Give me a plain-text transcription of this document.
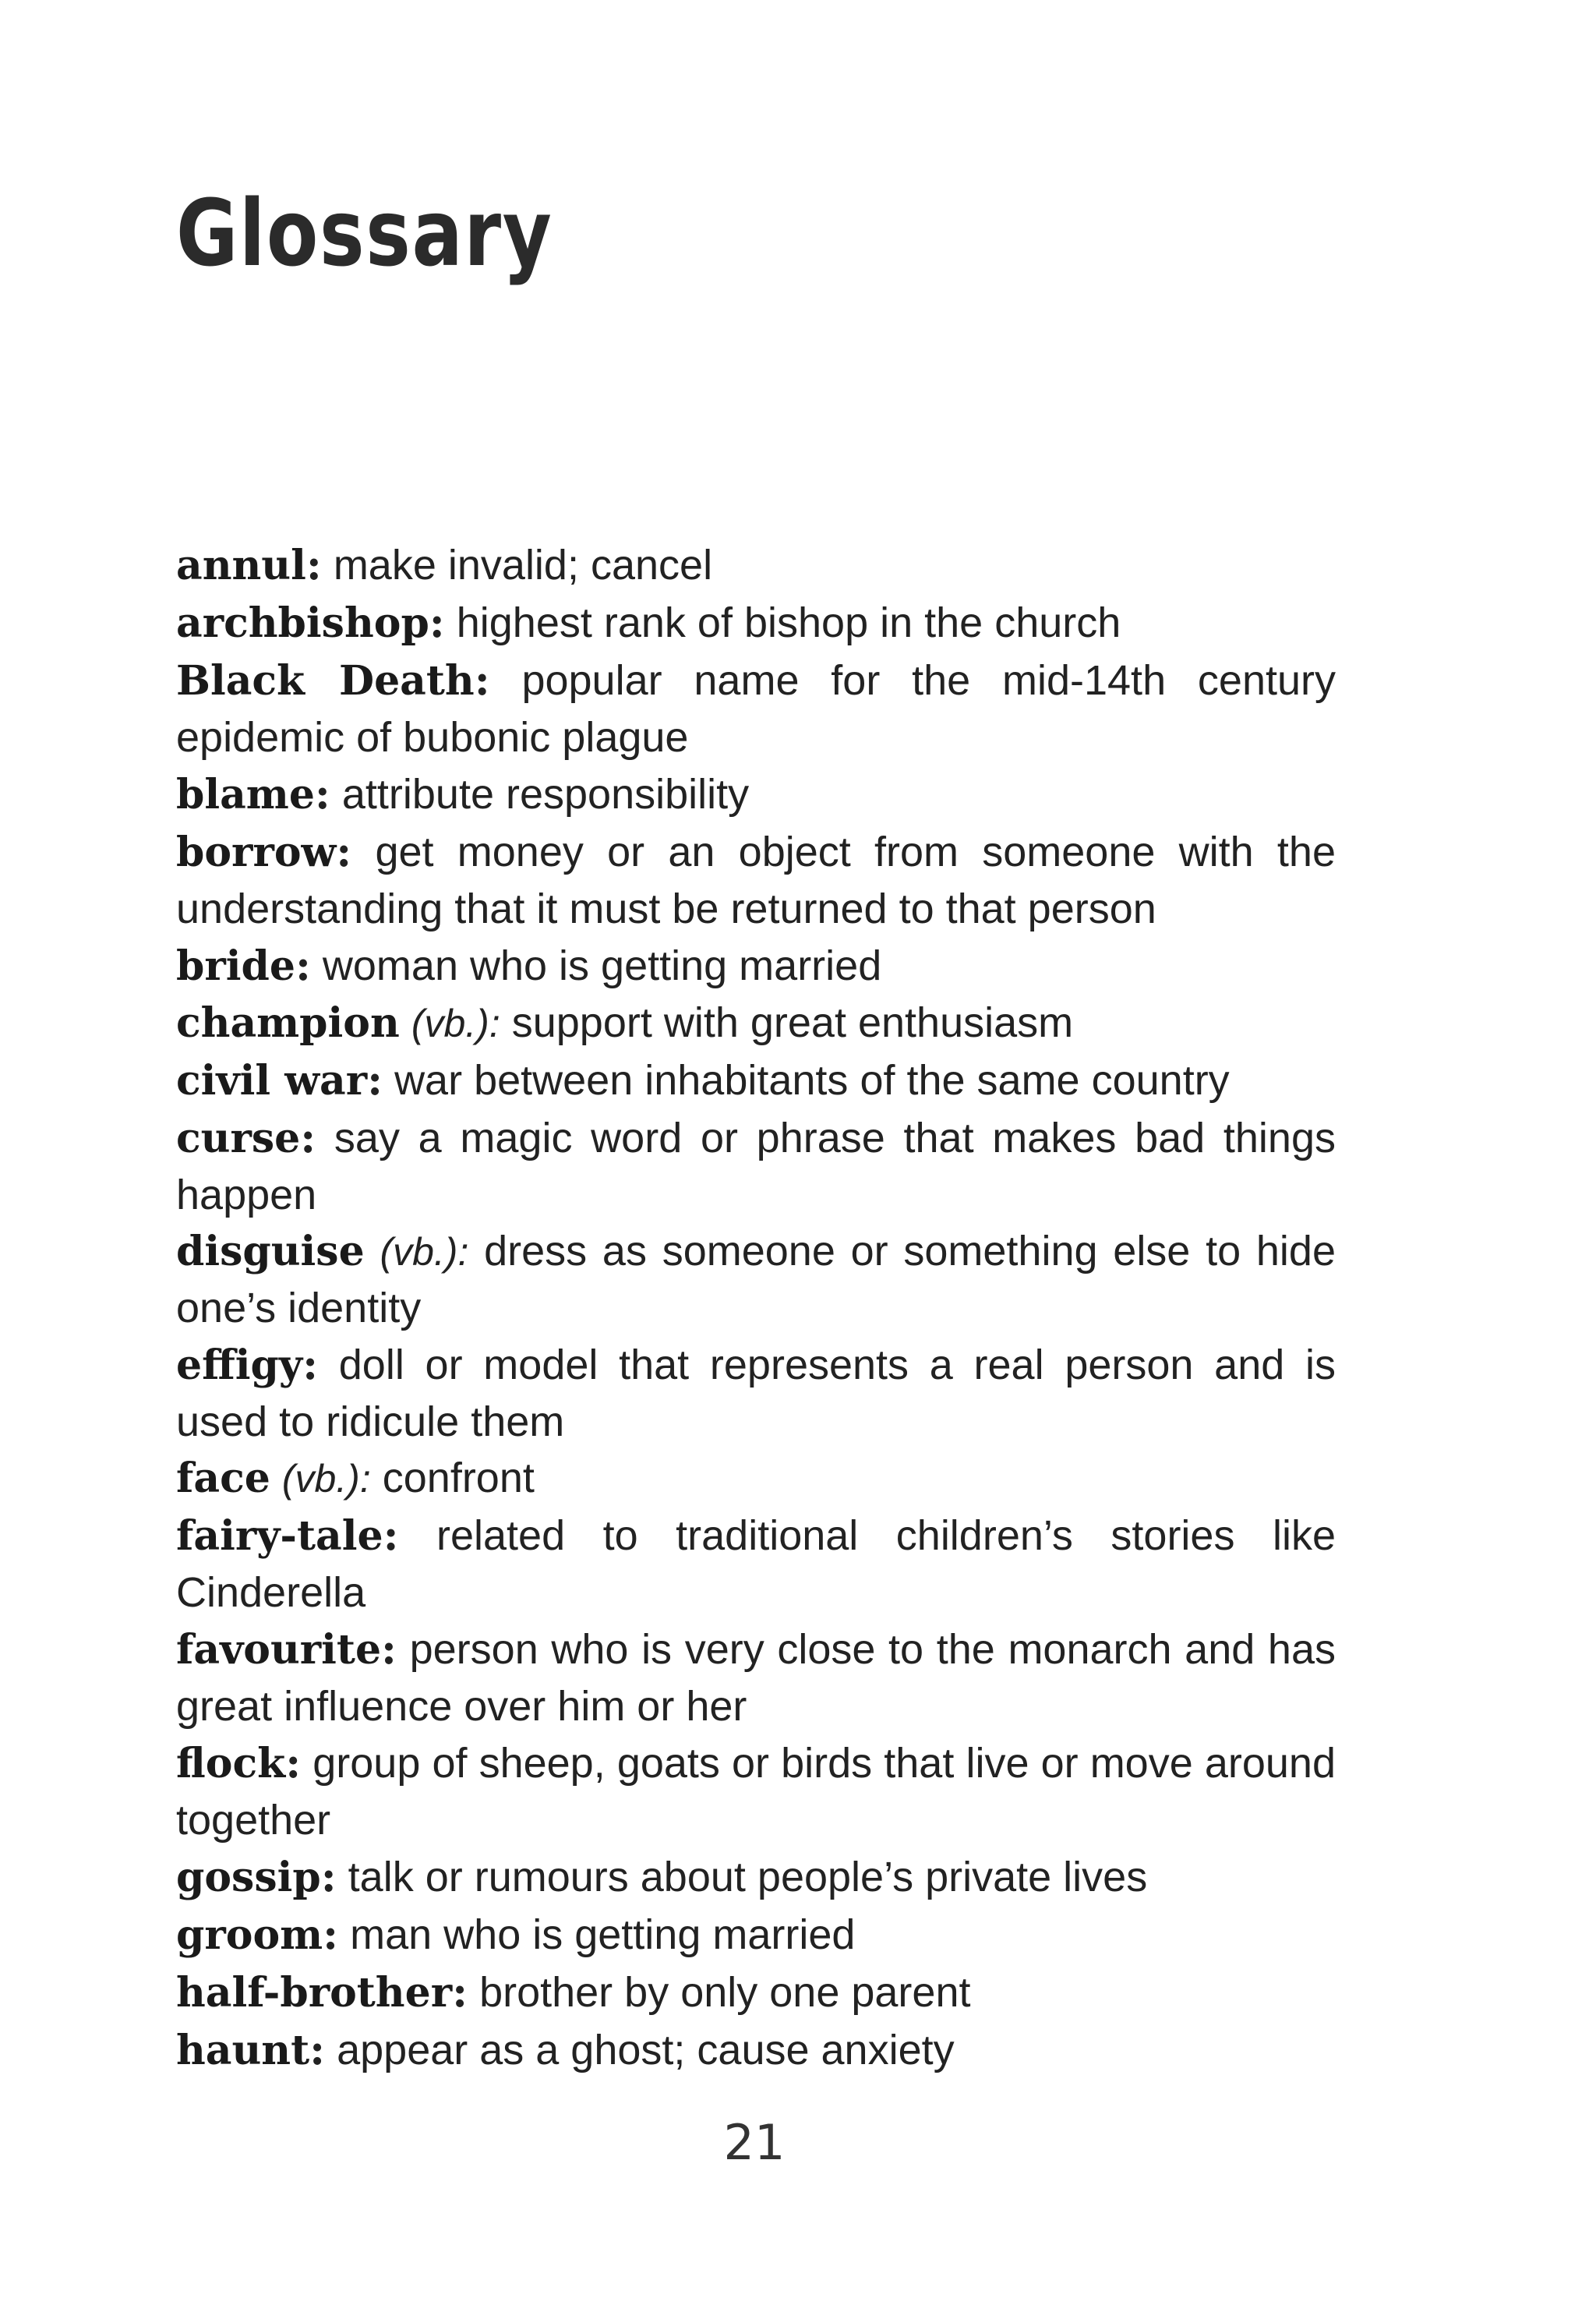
Glossary
annul: make invalid; cancel
archbishop: highest rank of bishop in the church
Black Death: popular name for the mid-14th century epidemic of bubonic plague
blame: attribute responsibility
borrow: get money or an object from someone with the understanding that it must be returned to that person
bride: woman who is getting married
champion (vb.): support with great enthusiasm
civil war: war between inhabitants of the same country
curse: say a magic word or phrase that makes bad things happen
disguise (vb.): dress as someone or something else to hide one’s identity
effigy: doll or model that represents a real person and is used to ridicule them
face (vb.): confront
fairy-tale: related to traditional children’s stories like Cinderella
favourite: person who is very close to the monarch and has great influence over him or her
flock: group of sheep, goats or birds that live or move around together
gossip: talk or rumours about people’s private lives
groom: man who is getting married
half-brother: brother by only one parent
haunt: appear as a ghost; cause anxiety

21
